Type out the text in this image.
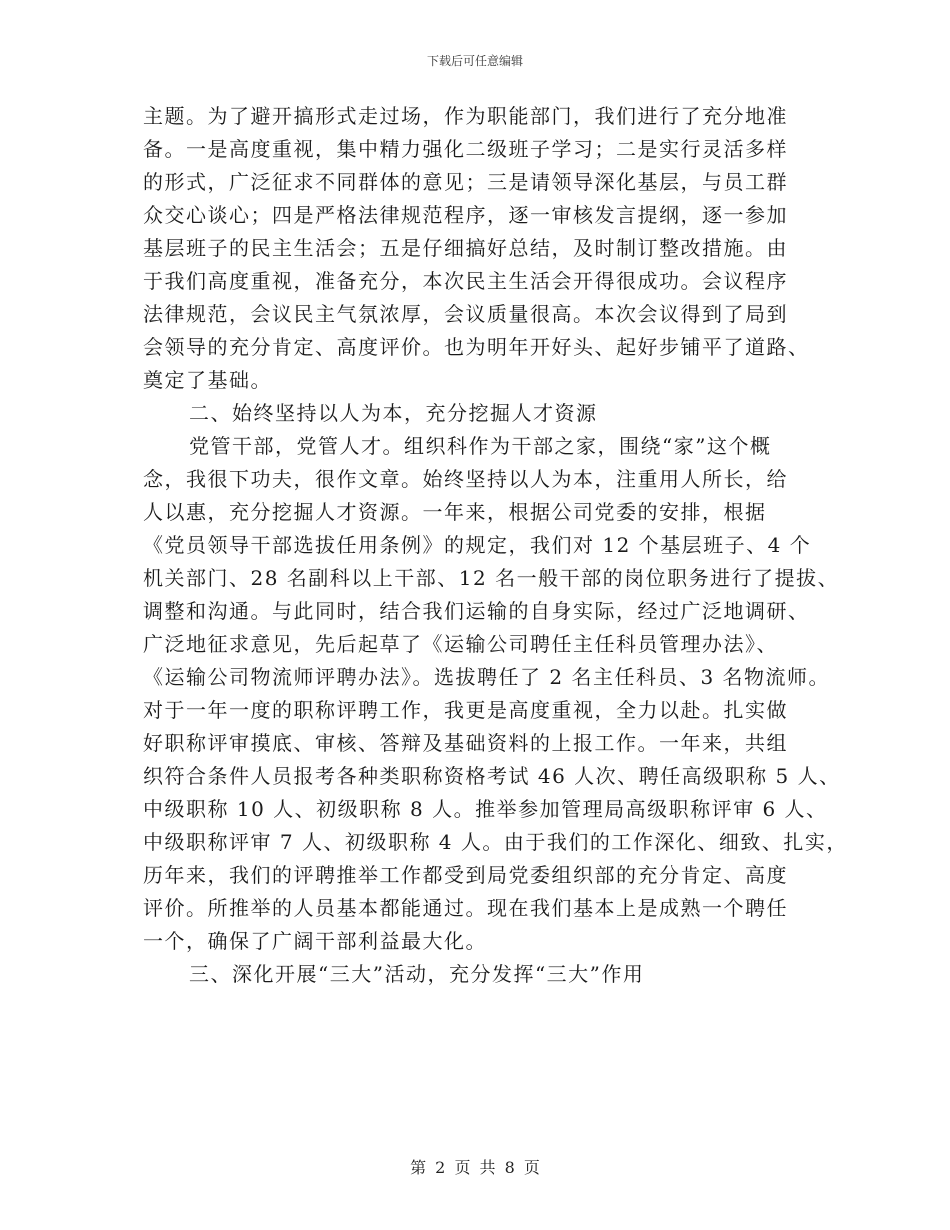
下载后可任意编辑
主题。为了避开搞形式走过场，作为职能部门，我们进行了充分地准
备。一是高度重视，集中精力强化二级班子学习；二是实行灵活多样
的形式，广泛征求不同群体的意见；三是请领导深化基层，与员工群
众交心谈心；四是严格法律规范程序，逐一审核发言提纲，逐一参加
基层班子的民主生活会；五是仔细搞好总结，及时制订整改措施。由
于我们高度重视，准备充分，本次民主生活会开得很成功。会议程序
法律规范，会议民主气氛浓厚，会议质量很高。本次会议得到了局到
会领导的充分肯定、高度评价。也为明年开好头、起好步铺平了道路、
奠定了基础。
二、始终坚持以人为本，充分挖掘人才资源
党管干部，党管人才。组织科作为干部之家，围绕“家”这个概
念，我很下功夫，很作文章。始终坚持以人为本，注重用人所长，给
人以惠，充分挖掘人才资源。一年来，根据公司党委的安排，根据
《党员领导干部选拔任用条例》的规定，我们对 12 个基层班子、4 个
机关部门、28 名副科以上干部、12 名一般干部的岗位职务进行了提拔、
调整和沟通。与此同时，结合我们运输的自身实际，经过广泛地调研、
广泛地征求意见，先后起草了《运输公司聘任主任科员管理办法》、
《运输公司物流师评聘办法》。选拔聘任了 2 名主任科员、3 名物流师。
对于一年一度的职称评聘工作，我更是高度重视，全力以赴。扎实做
好职称评审摸底、审核、答辩及基础资料的上报工作。一年来，共组
织符合条件人员报考各种类职称资格考试 46 人次、聘任高级职称 5 人、
中级职称 10 人、初级职称 8 人。推举参加管理局高级职称评审 6 人、
中级职称评审 7 人、初级职称 4 人。由于我们的工作深化、细致、扎实，
历年来，我们的评聘推举工作都受到局党委组织部的充分肯定、高度
评价。所推举的人员基本都能通过。现在我们基本上是成熟一个聘任
一个，确保了广阔干部利益最大化。
三、深化开展“三大”活动，充分发挥“三大”作用
第 2 页 共 8 页
